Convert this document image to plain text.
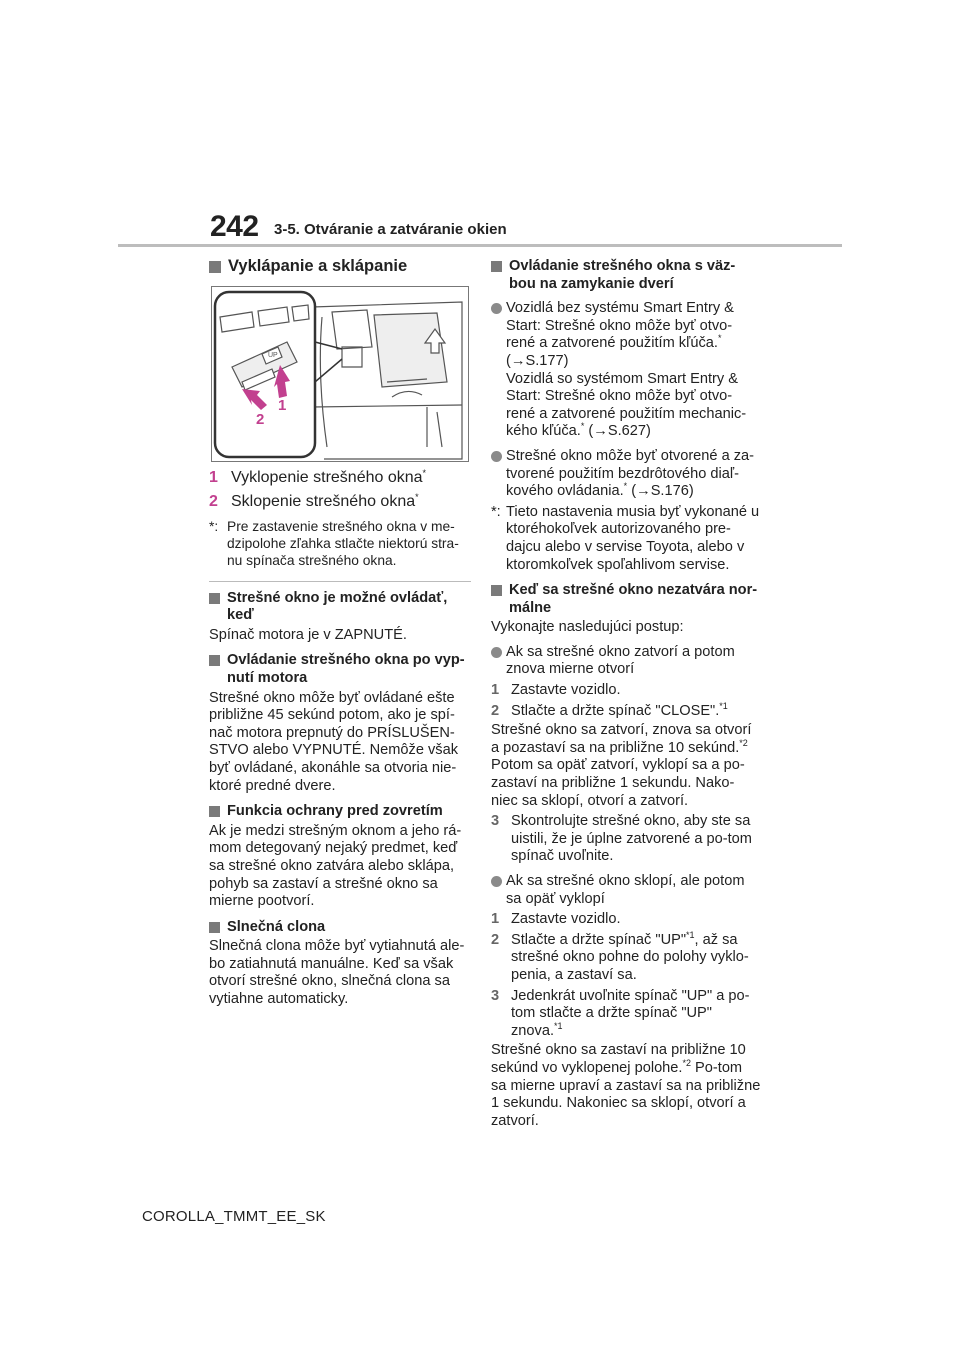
242 3-5. Otváranie a zatváranie okien
Vyklápanie a sklápanie
UP
1
2
1 Vyklopenie strešného okna*
2 Sklopenie strešného okna*
*: Pre zastavenie strešného okna v me-dzipolohe zľahka stlačte niektorú stra-nu spínača strešného okna.
Strešné okno je možné ovládať, keď

Spínač motora je v ZAPNUTÉ.

Ovládanie strešného okna po vyp-nutí motora

Strešné okno môže byť ovládané ešte približne 45 sekúnd potom, ako je spí-nač motora prepnutý do PRÍSLUŠEN-STVO alebo VYPNUTÉ. Nemôže však byť ovládané, akonáhle sa otvoria nie-ktoré predné dvere.

Funkcia ochrany pred zovretím

Ak je medzi strešným oknom a jeho rá-mom detegovaný nejaký predmet, keď sa strešné okno zatvára alebo sklápa, pohyb sa zastaví a strešné okno sa mierne pootvorí.

Slnečná clona

Slnečná clona môže byť vytiahnutá ale-bo zatiahnutá manuálne. Keď sa však otvorí strešné okno, slnečná clona sa vytiahne automaticky.

Ovládanie strešného okna s väz-bou na zamykanie dverí
Vozidlá bez systému Smart Entry & Start: Strešné okno môže byť otvo-rené a zatvorené použitím kľúča.*
(→S.177)
Vozidlá so systémom Smart Entry & Start: Strešné okno môže byť otvo-rené a zatvorené použitím mechanic-kého kľúča.* (→S.627)
Strešné okno môže byť otvorené a za-tvorené použitím bezdrôtového diaľ-kového ovládania.* (→S.176)
*: Tieto nastavenia musia byť vykonané u ktoréhokoľvek autorizovaného pre-dajcu alebo v servise Toyota, alebo v ktoromkoľvek spoľahlivom servise.
Keď sa strešné okno nezatvára nor-málne

Vykonajte nasledujúci postup:

Ak sa strešné okno zatvorí a potom znova mierne otvorí
1 Zastavte vozidlo.
2 Stlačte a držte spínač "CLOSE".$^{*1}$

Strešné okno sa zatvorí, znova sa otvorí a pozastaví sa na približne 10 sekúnd.$^{*2}$ Potom sa opäť zatvorí, vyklopí sa a po-zastaví na približne 1 sekundu. Nako-niec sa sklopí, otvorí a zatvorí.

3 Skontrolujte strešné okno, aby ste sa uistili, že je úplne zatvorené a po-tom spínač uvoľnite.
Ak sa strešné okno sklopí, ale potom sa opäť vyklopí
1 Zastavte vozidlo.
2 Stlačte a držte spínač "UP"$^{*1}$, až sa strešné okno pohne do polohy vyklo-penia, a zastaví sa.
3 Jedenkrát uvoľnite spínač "UP" a po-tom stlačte a držte spínač "UP" znova.$^{*1}$

Strešné okno sa zastaví na približne 10 sekúnd vo vyklopenej polohe.$^{*2}$ Po-tom sa mierne upraví a zastaví sa na približne 1 sekundu. Nakoniec sa sklopí, otvorí a zatvorí.

COROLLA_TMMT_EE_SK
